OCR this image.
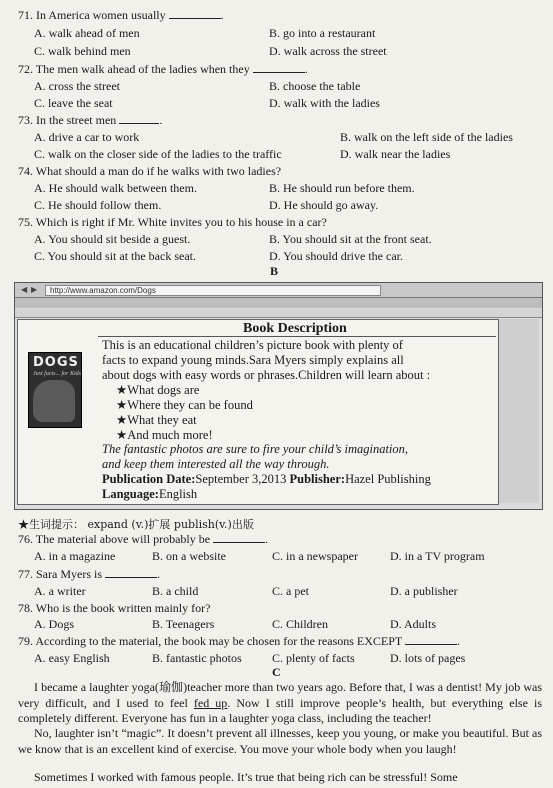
71. In America women usually	.
A. walk ahead of men	B. go into a restaurant
C. walk behind men	D. walk across the street
72. The men walk ahead of the ladies when they	.
A. cross the street	B. choose the table
C. leave the seat	D. walk with the ladies
73. In the street men	.
A. drive a car to work	B. walk on the left side of the ladies
C. walk on the closer side of the ladies to the traffic	D. walk near the ladies
74. What should a man do if he walks with two ladies?
A. He should walk between them.	B. He should run before them.
C. He should follow them.	D. He should go away.
75. Which is right if Mr. White invites you to his house in a car?
A. You should sit beside a guest.	B. You should sit at the front seat.
C. You should sit at the back seat.	D. You should drive the car.
B
◀ ▶	http://www.amazon.com/Dogs
Book Description
DOGS
Just facts... for Kids
This is an educational children’s picture book with plenty of
facts to expand young minds.Sara Myers simply explains all
about dogs with easy words or phrases.Children will learn about :
★What dogs are
★Where they can be found
★What they eat
★And much more!
The fantastic photos are sure to fire your child’s imagination,
and keep them interested all the way through.
Publication Date:September 3,2013 Publisher:Hazel Publishing
Language:English
★生词提示： expand (v.)扩展 publish(v.)出版
76. The material above will probably be	.
A. in a magazine	B. on a website	C. in a newspaper	D. in a TV program
77. Sara Myers is	.
A. a writer	B. a child	C. a pet	D. a publisher
78. Who is the book written mainly for?
A. Dogs	B. Teenagers	C. Children	D. Adults
79. According to the material, the book may be chosen for the reasons EXCEPT	.
A. easy English	B. fantastic photos	C. plenty of facts	D. lots of pages
C
I became a laughter yoga(瑜伽)teacher more than two years ago. Before that, I was a dentist! My job was very difficult, and I used to feel fed up. Now I still improve people’s health, but everything else is completely different. Everyone has fun in a laughter yoga class, including the teacher!
No, laughter isn’t “magic”. It doesn’t prevent all illnesses, keep you young, or make you beautiful. But as we know that is an excellent kind of exercise. You move your whole body when you laugh!
Sometimes I worked with famous people. It’s true that being rich can be stressful! Some
